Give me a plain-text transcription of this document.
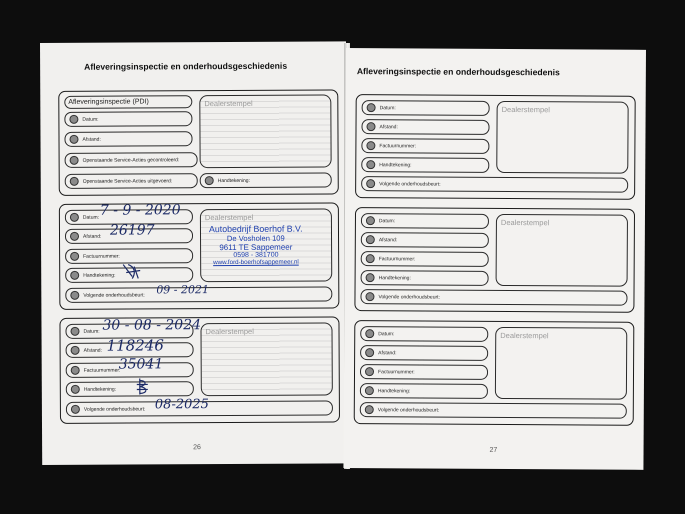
Afleveringsinspectie en onderhoudsgeschiedenis
Afleveringsinspectie (PDI)
Datum:
Afstand:
Openstaande Service-Acties gecontroleerd:
Openstaande Service-Acties uitgevoerd:
Dealerstempel
Handtekening:
Datum:
Afstand:
Factuurnummer:
Handtekening:
Volgende onderhoudsbeurt:
Dealerstempel
Autobedrijf Boerhof B.V.
De Vosholen 109
9611 TE Sappemeer
0598 - 381700
www.ford-boerhofsappemeer.nl
7 - 9 - 2020
26197
09 - 2021
Datum:
Afstand:
Factuurnummer:
Handtekening:
Volgende onderhoudsbeurt:
Dealerstempel
30 - 08 - 2024
118246
35041
08-2025
26
Afleveringsinspectie en onderhoudsgeschiedenis
Datum:
Afstand:
Factuurnummer:
Handtekening:
Volgende onderhoudsbeurt:
Dealerstempel
Datum:
Afstand:
Factuurnummer:
Handtekening:
Volgende onderhoudsbeurt:
Dealerstempel
Datum:
Afstand:
Factuurnummer:
Handtekening:
Volgende onderhoudsbeurt:
Dealerstempel
27
